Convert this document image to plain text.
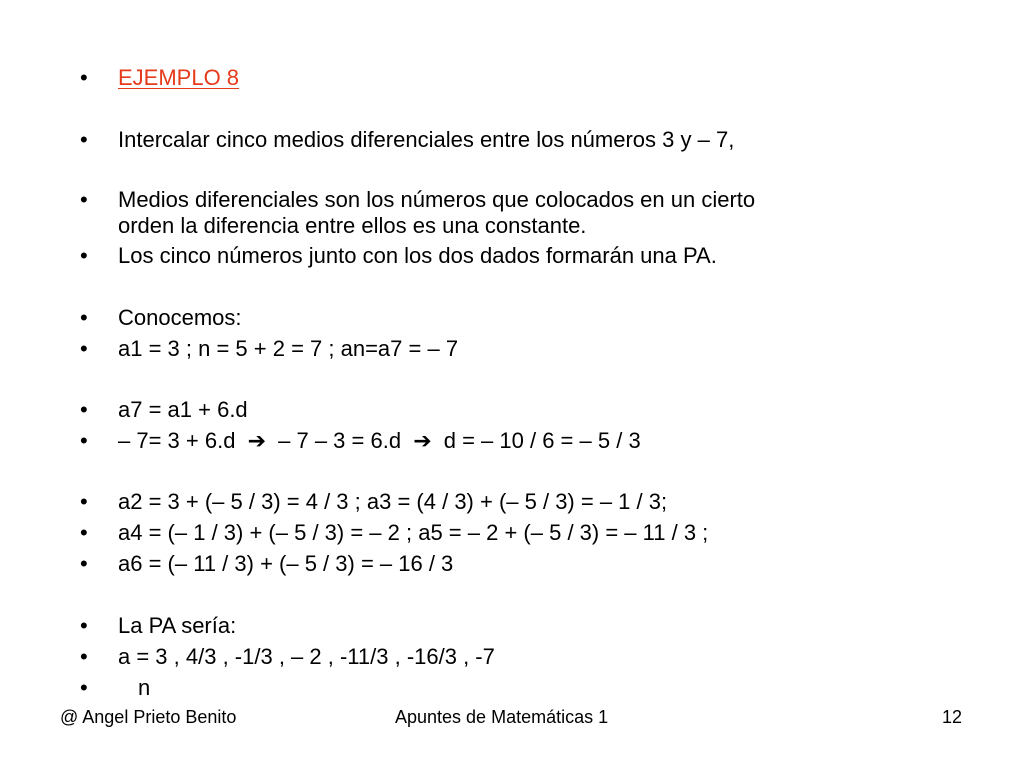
EJEMPLO 8
Intercalar cinco medios diferenciales entre los números 3 y – 7,
Medios diferenciales son los números que colocados en un cierto
orden la diferencia entre ellos es una constante.
Los cinco números junto con los dos dados formarán una PA.
Conocemos:
a1 = 3 ; n = 5 + 2 = 7 ; an=a7 = – 7
a7 = a1 + 6.d
– 7= 3 + 6.d ➔ – 7 – 3 = 6.d ➔ d = – 10 / 6 = – 5 / 3
a2 = 3 + (– 5 / 3) = 4 / 3 ; a3 = (4 / 3) + (– 5 / 3) = – 1 / 3;
a4 = (– 1 / 3) + (– 5 / 3) = – 2 ; a5 = – 2 + (– 5 / 3) = – 11 / 3 ;
a6 = (– 11 / 3) + (– 5 / 3) = – 16 / 3
La PA sería:
a = 3 , 4/3 , -1/3 , – 2 , -11/3 , -16/3 , -7
n
@ Angel Prieto Benito	Apuntes de Matemáticas 1	12
